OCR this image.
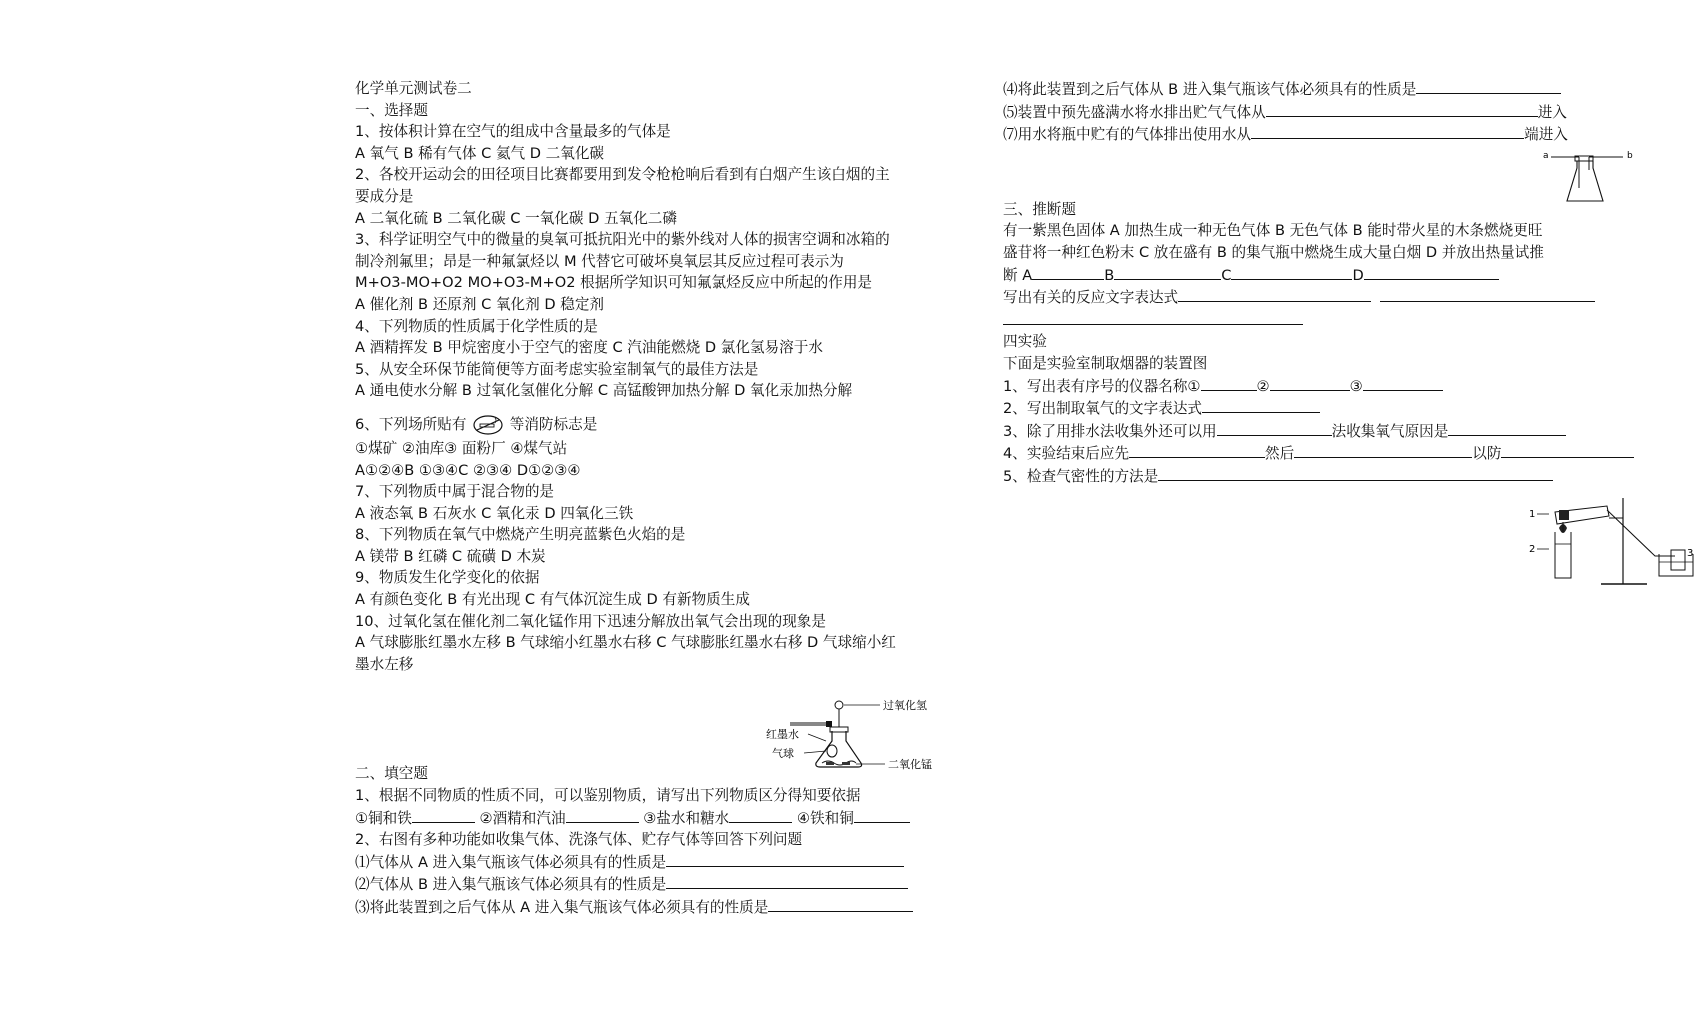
化学单元测试卷二
一、选择题
1、按体积计算在空气的组成中含量最多的气体是
A 氧气 B 稀有气体 C 氦气 D 二氧化碳
2、各校开运动会的田径项目比赛都要用到发令枪枪响后看到有白烟产生该白烟的主
要成分是
A 二氧化硫 B 二氧化碳 C 一氧化碳 D 五氧化二磷
3、科学证明空气中的微量的臭氧可抵抗阳光中的紫外线对人体的损害空调和冰箱的
制冷剂氟里；昂是一种氟氯烃以 M 代替它可破坏臭氧层其反应过程可表示为
M+O3-MO+O2 MO+O3-M+O2 根据所学知识可知氟氯烃反应中所起的作用是
A 催化剂 B 还原剂 C 氧化剂 D 稳定剂
4、下列物质的性质属于化学性质的是
A 酒精挥发 B 甲烷密度小于空气的密度 C 汽油能燃烧 D 氯化氢易溶于水
5、从安全环保节能简便等方面考虑实验室制氧气的最佳方法是
A 通电使水分解 B 过氧化氢催化分解 C 高锰酸钾加热分解 D 氧化汞加热分解
6、下列场所贴有	等消防标志是
①煤矿 ②油库③ 面粉厂 ④煤气站
A①②④B ①③④C ②③④ D①②③④
7、下列物质中属于混合物的是
A 液态氧 B 石灰水 C 氧化汞 D 四氧化三铁
8、下列物质在氧气中燃烧产生明亮蓝紫色火焰的是
A 镁带 B 红磷 C 硫磺 D 木炭
9、物质发生化学变化的依据
A 有颜色变化 B 有光出现 C 有气体沉淀生成 D 有新物质生成
10、过氧化氢在催化剂二氧化锰作用下迅速分解放出氧气会出现的现象是
A 气球膨胀红墨水左移 B 气球缩小红墨水右移 C 气球膨胀红墨水右移 D 气球缩小红
墨水左移
二、填空题
1、根据不同物质的性质不同，可以鉴别物质，请写出下列物质区分得知要依据
①铜和铁	②酒精和汽油	③盐水和糖水	④铁和铜
2、右图有多种功能如收集气体、洗涤气体、贮存气体等回答下列问题
⑴气体从 A 进入集气瓶该气体必须具有的性质是
⑵气体从 B 进入集气瓶该气体必须具有的性质是
⑶将此装置到之后气体从 A 进入集气瓶该气体必须具有的性质是
过氧化氢
红墨水
气球
二氧化锰
⑷将此装置到之后气体从 B 进入集气瓶该气体必须具有的性质是
⑸装置中预先盛满水将水排出贮气气体从	进入
⑺用水将瓶中贮有的气体排出使用水从	端进入
三、推断题
有一紫黑色固体 A 加热生成一种无色气体 B 无色气体 B 能时带火星的木条燃烧更旺
盛苷将一种红色粉末 C 放在盛有 B 的集气瓶中燃烧生成大量白烟 D 并放出热量试推
断 A	B	C	D
写出有关的反应文字表达式
四实验
下面是实验室制取烟器的装置图
1、写出表有序号的仪器名称①	②	③
2、写出制取氧气的文字表达式
3、除了用排水法收集外还可以用	法收集氧气原因是
4、实验结束后应先	然后	以防
5、检查气密性的方法是
a	b
1
2	3
